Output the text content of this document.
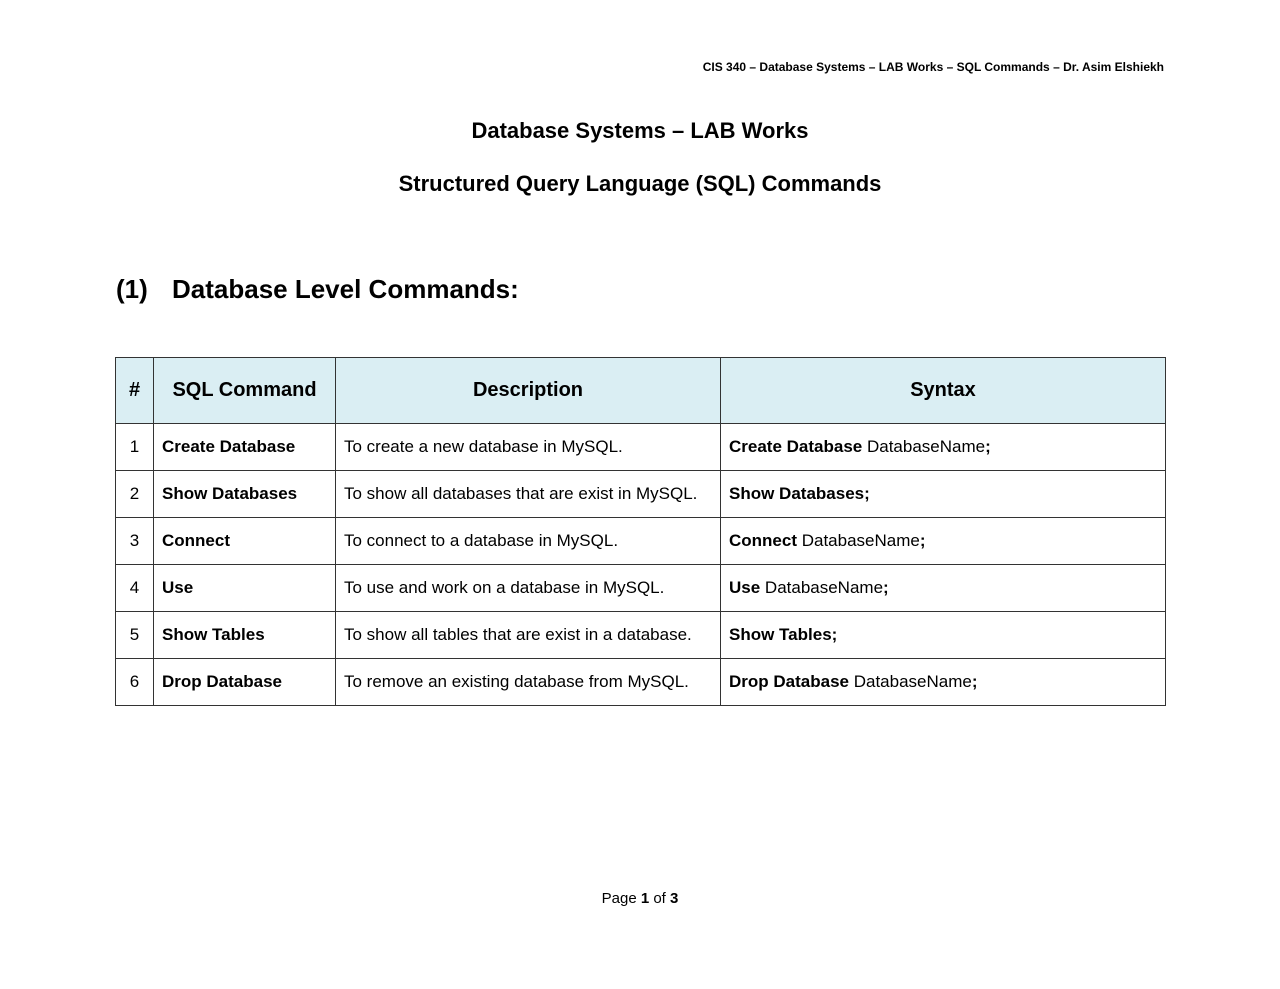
CIS 340 – Database Systems – LAB Works – SQL Commands – Dr. Asim Elshiekh
Database Systems – LAB Works
Structured Query Language (SQL) Commands
(1) Database Level Commands:
#	SQL Command	Description	Syntax
1	Create Database	To create a new database in MySQL.	Create Database DatabaseName;
2	Show Databases	To show all databases that are exist in MySQL.	Show Databases;
3	Connect	To connect to a database in MySQL.	Connect DatabaseName;
4	Use	To use and work on a database in MySQL.	Use DatabaseName;
5	Show Tables	To show all tables that are exist in a database.	Show Tables;
6	Drop Database	To remove an existing database from MySQL.	Drop Database DatabaseName;
Page 1 of 3
